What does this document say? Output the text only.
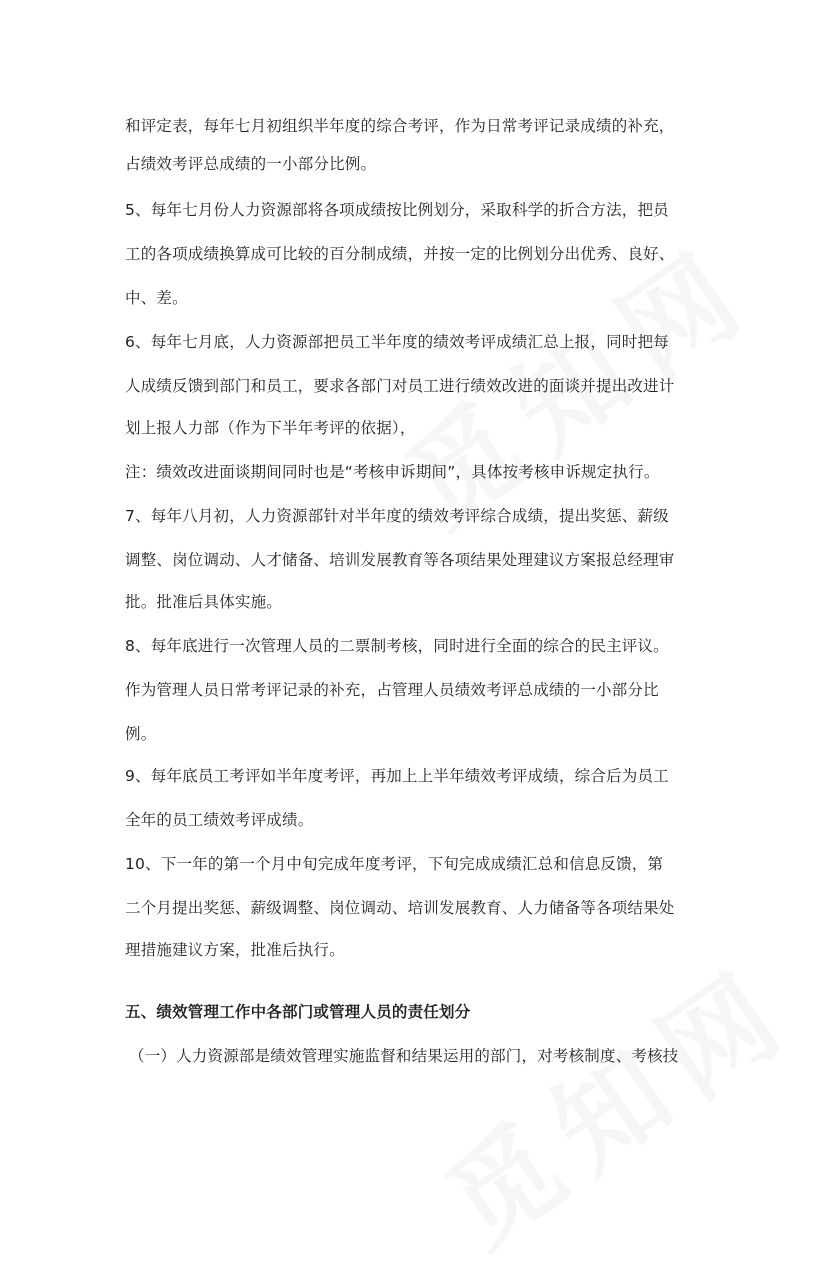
和评定表，每年七月初组织半年度的综合考评，作为日常考评记录成绩的补充，
占绩效考评总成绩的一小部分比例。
5、每年七月份人力资源部将各项成绩按比例划分，采取科学的折合方法，把员
工的各项成绩换算成可比较的百分制成绩，并按一定的比例划分出优秀、良好、
中、差。
6、每年七月底，人力资源部把员工半年度的绩效考评成绩汇总上报，同时把每
人成绩反馈到部门和员工，要求各部门对员工进行绩效改进的面谈并提出改进计
划上报人力部（作为下半年考评的依据），
注：绩效改进面谈期间同时也是“考核申诉期间”，具体按考核申诉规定执行。
7、每年八月初，人力资源部针对半年度的绩效考评综合成绩，提出奖惩、薪级
调整、岗位调动、人才储备、培训发展教育等各项结果处理建议方案报总经理审
批。批准后具体实施。
8、每年底进行一次管理人员的二票制考核，同时进行全面的综合的民主评议。
作为管理人员日常考评记录的补充，占管理人员绩效考评总成绩的一小部分比
例。
9、每年底员工考评如半年度考评，再加上上半年绩效考评成绩，综合后为员工
全年的员工绩效考评成绩。
10、下一年的第一个月中旬完成年度考评，下旬完成成绩汇总和信息反馈，第
二个月提出奖惩、薪级调整、岗位调动、培训发展教育、人力储备等各项结果处
理措施建议方案，批准后执行。
五、绩效管理工作中各部门或管理人员的责任划分
（一）人力资源部是绩效管理实施监督和结果运用的部门，对考核制度、考核技
